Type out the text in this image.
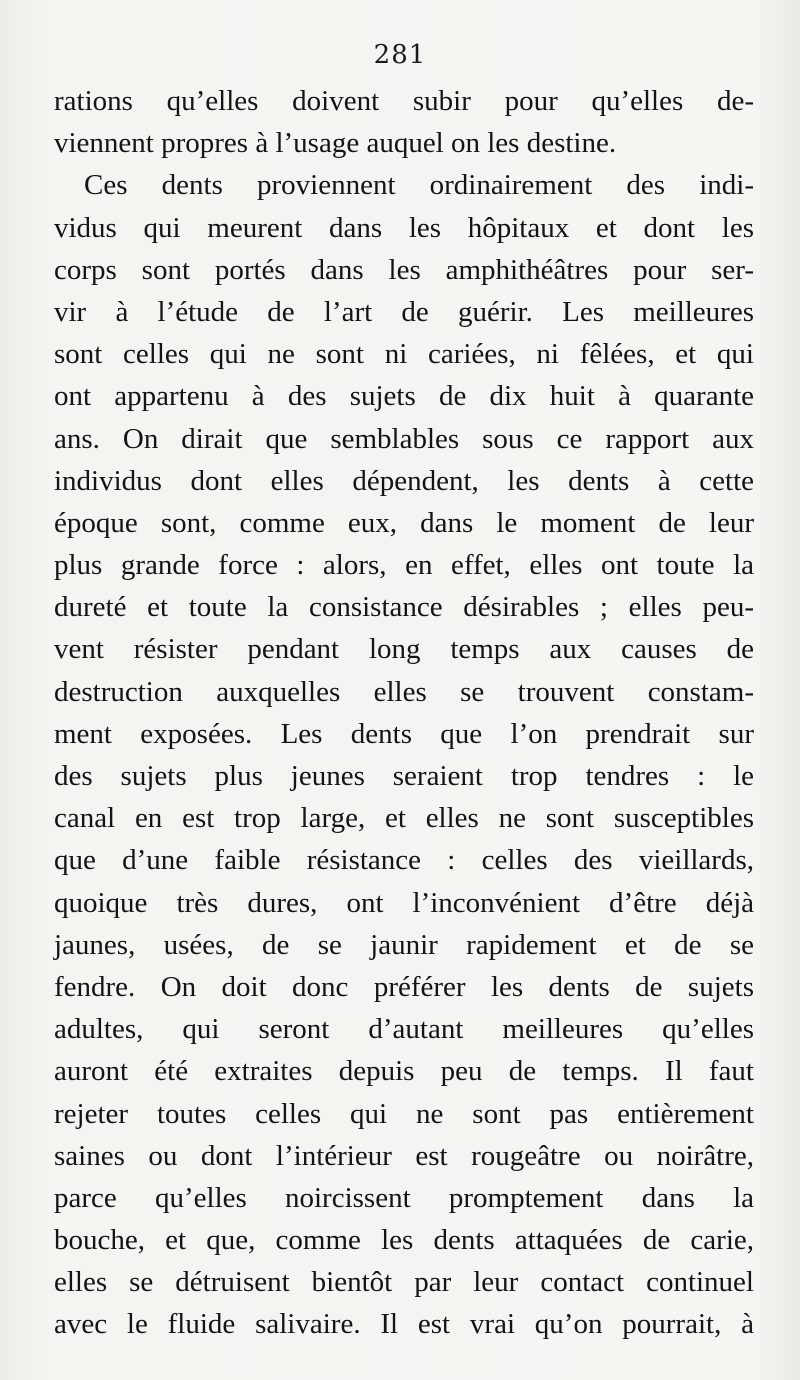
281
rations qu’elles doivent subir pour qu’elles de-
viennent propres à l’usage auquel on les destine.
Ces dents proviennent ordinairement des indi-
vidus qui meurent dans les hôpitaux et dont les
corps sont portés dans les amphithéâtres pour ser-
vir à l’étude de l’art de guérir. Les meilleures
sont celles qui ne sont ni cariées, ni fêlées, et qui
ont appartenu à des sujets de dix huit à quarante
ans. On dirait que semblables sous ce rapport aux
individus dont elles dépendent, les dents à cette
époque sont, comme eux, dans le moment de leur
plus grande force : alors, en effet, elles ont toute la
dureté et toute la consistance désirables ; elles peu-
vent résister pendant long temps aux causes de
destruction auxquelles elles se trouvent constam-
ment exposées. Les dents que l’on prendrait sur
des sujets plus jeunes seraient trop tendres : le
canal en est trop large, et elles ne sont susceptibles
que d’une faible résistance : celles des vieillards,
quoique très dures, ont l’inconvénient d’être déjà
jaunes, usées, de se jaunir rapidement et de se
fendre. On doit donc préférer les dents de sujets
adultes, qui seront d’autant meilleures qu’elles
auront été extraites depuis peu de temps. Il faut
rejeter toutes celles qui ne sont pas entièrement
saines ou dont l’intérieur est rougeâtre ou noirâtre,
parce qu’elles noircissent promptement dans la
bouche, et que, comme les dents attaquées de carie,
elles se détruisent bientôt par leur contact continuel
avec le fluide salivaire. Il est vrai qu’on pourrait, à
